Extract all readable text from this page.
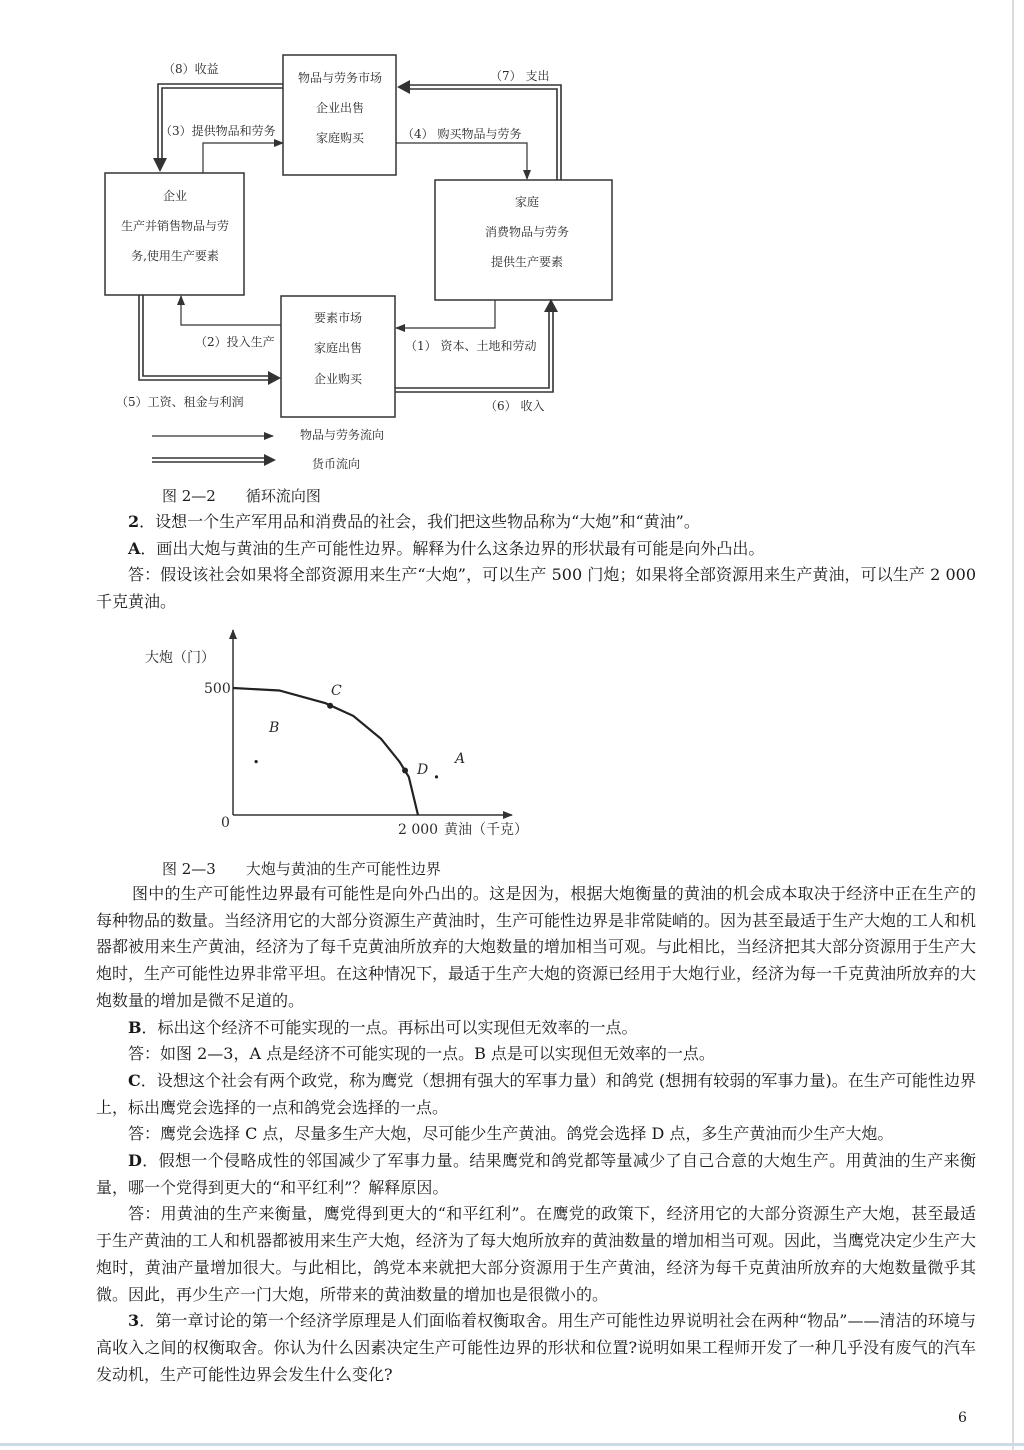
物品与劳务市场
企业出售
家庭购买
企业
生产并销售物品与劳
务,使用生产要素
家庭
消费物品与劳务
提供生产要素
要素市场
家庭出售
企业购买
（8）收益	（7） 支出
（3）提供物品和劳务	（4） 购买物品与劳务
（2）投入生产	（1） 资本、土地和劳动
（5）工资、租金与利润	（6） 收入
物品与劳务流向
货币流向
图 2—2　　循环流向图

2．设想一个生产军用品和消费品的社会，我们把这些物品称为“大炮”和“黄油”。

A．画出大炮与黄油的生产可能性边界。解释为什么这条边界的形状最有可能是向外凸出。

答：假设该社会如果将全部资源用来生产“大炮”，可以生产 500 门炮；如果将全部资源用来生产黄油，可以生产 2 000 千克黄油。

大炮（门）
500
0	2 000 黄油（千克）
C
B
D
A
图 2—3　　大炮与黄油的生产可能性边界

图中的生产可能性边界最有可能性是向外凸出的。这是因为，根据大炮衡量的黄油的机会成本取决于经济中正在生产的每种物品的数量。当经济用它的大部分资源生产黄油时，生产可能性边界是非常陡峭的。因为甚至最适于生产大炮的工人和机器都被用来生产黄油，经济为了每千克黄油所放弃的大炮数量的增加相当可观。与此相比，当经济把其大部分资源用于生产大炮时，生产可能性边界非常平坦。在这种情况下，最适于生产大炮的资源已经用于大炮行业，经济为每一千克黄油所放弃的大炮数量的增加是微不足道的。

B．标出这个经济不可能实现的一点。再标出可以实现但无效率的一点。

答：如图 2—3，A 点是经济不可能实现的一点。B 点是可以实现但无效率的一点。

C．设想这个社会有两个政党，称为鹰党（想拥有强大的军事力量）和鸽党 (想拥有较弱的军事力量)。在生产可能性边界上，标出鹰党会选择的一点和鸽党会选择的一点。

答：鹰党会选择 C 点，尽量多生产大炮，尽可能少生产黄油。鸽党会选择 D 点，多生产黄油而少生产大炮。

D．假想一个侵略成性的邻国减少了军事力量。结果鹰党和鸽党都等量减少了自己合意的大炮生产。用黄油的生产来衡量，哪一个党得到更大的“和平红利”？解释原因。

答：用黄油的生产来衡量，鹰党得到更大的“和平红利”。在鹰党的政策下，经济用它的大部分资源生产大炮，甚至最适于生产黄油的工人和机器都被用来生产大炮，经济为了每大炮所放弃的黄油数量的增加相当可观。因此，当鹰党决定少生产大炮时，黄油产量增加很大。与此相比，鸽党本来就把大部分资源用于生产黄油，经济为每千克黄油所放弃的大炮数量微乎其微。因此，再少生产一门大炮，所带来的黄油数量的增加也是很微小的。

3．第一章讨论的第一个经济学原理是人们面临着权衡取舍。用生产可能性边界说明社会在两种“物品”——清洁的环境与高收入之间的权衡取舍。你认为什么因素决定生产可能性边界的形状和位置?说明如果工程师开发了一种几乎没有废气的汽车发动机，生产可能性边界会发生什么变化?

6
